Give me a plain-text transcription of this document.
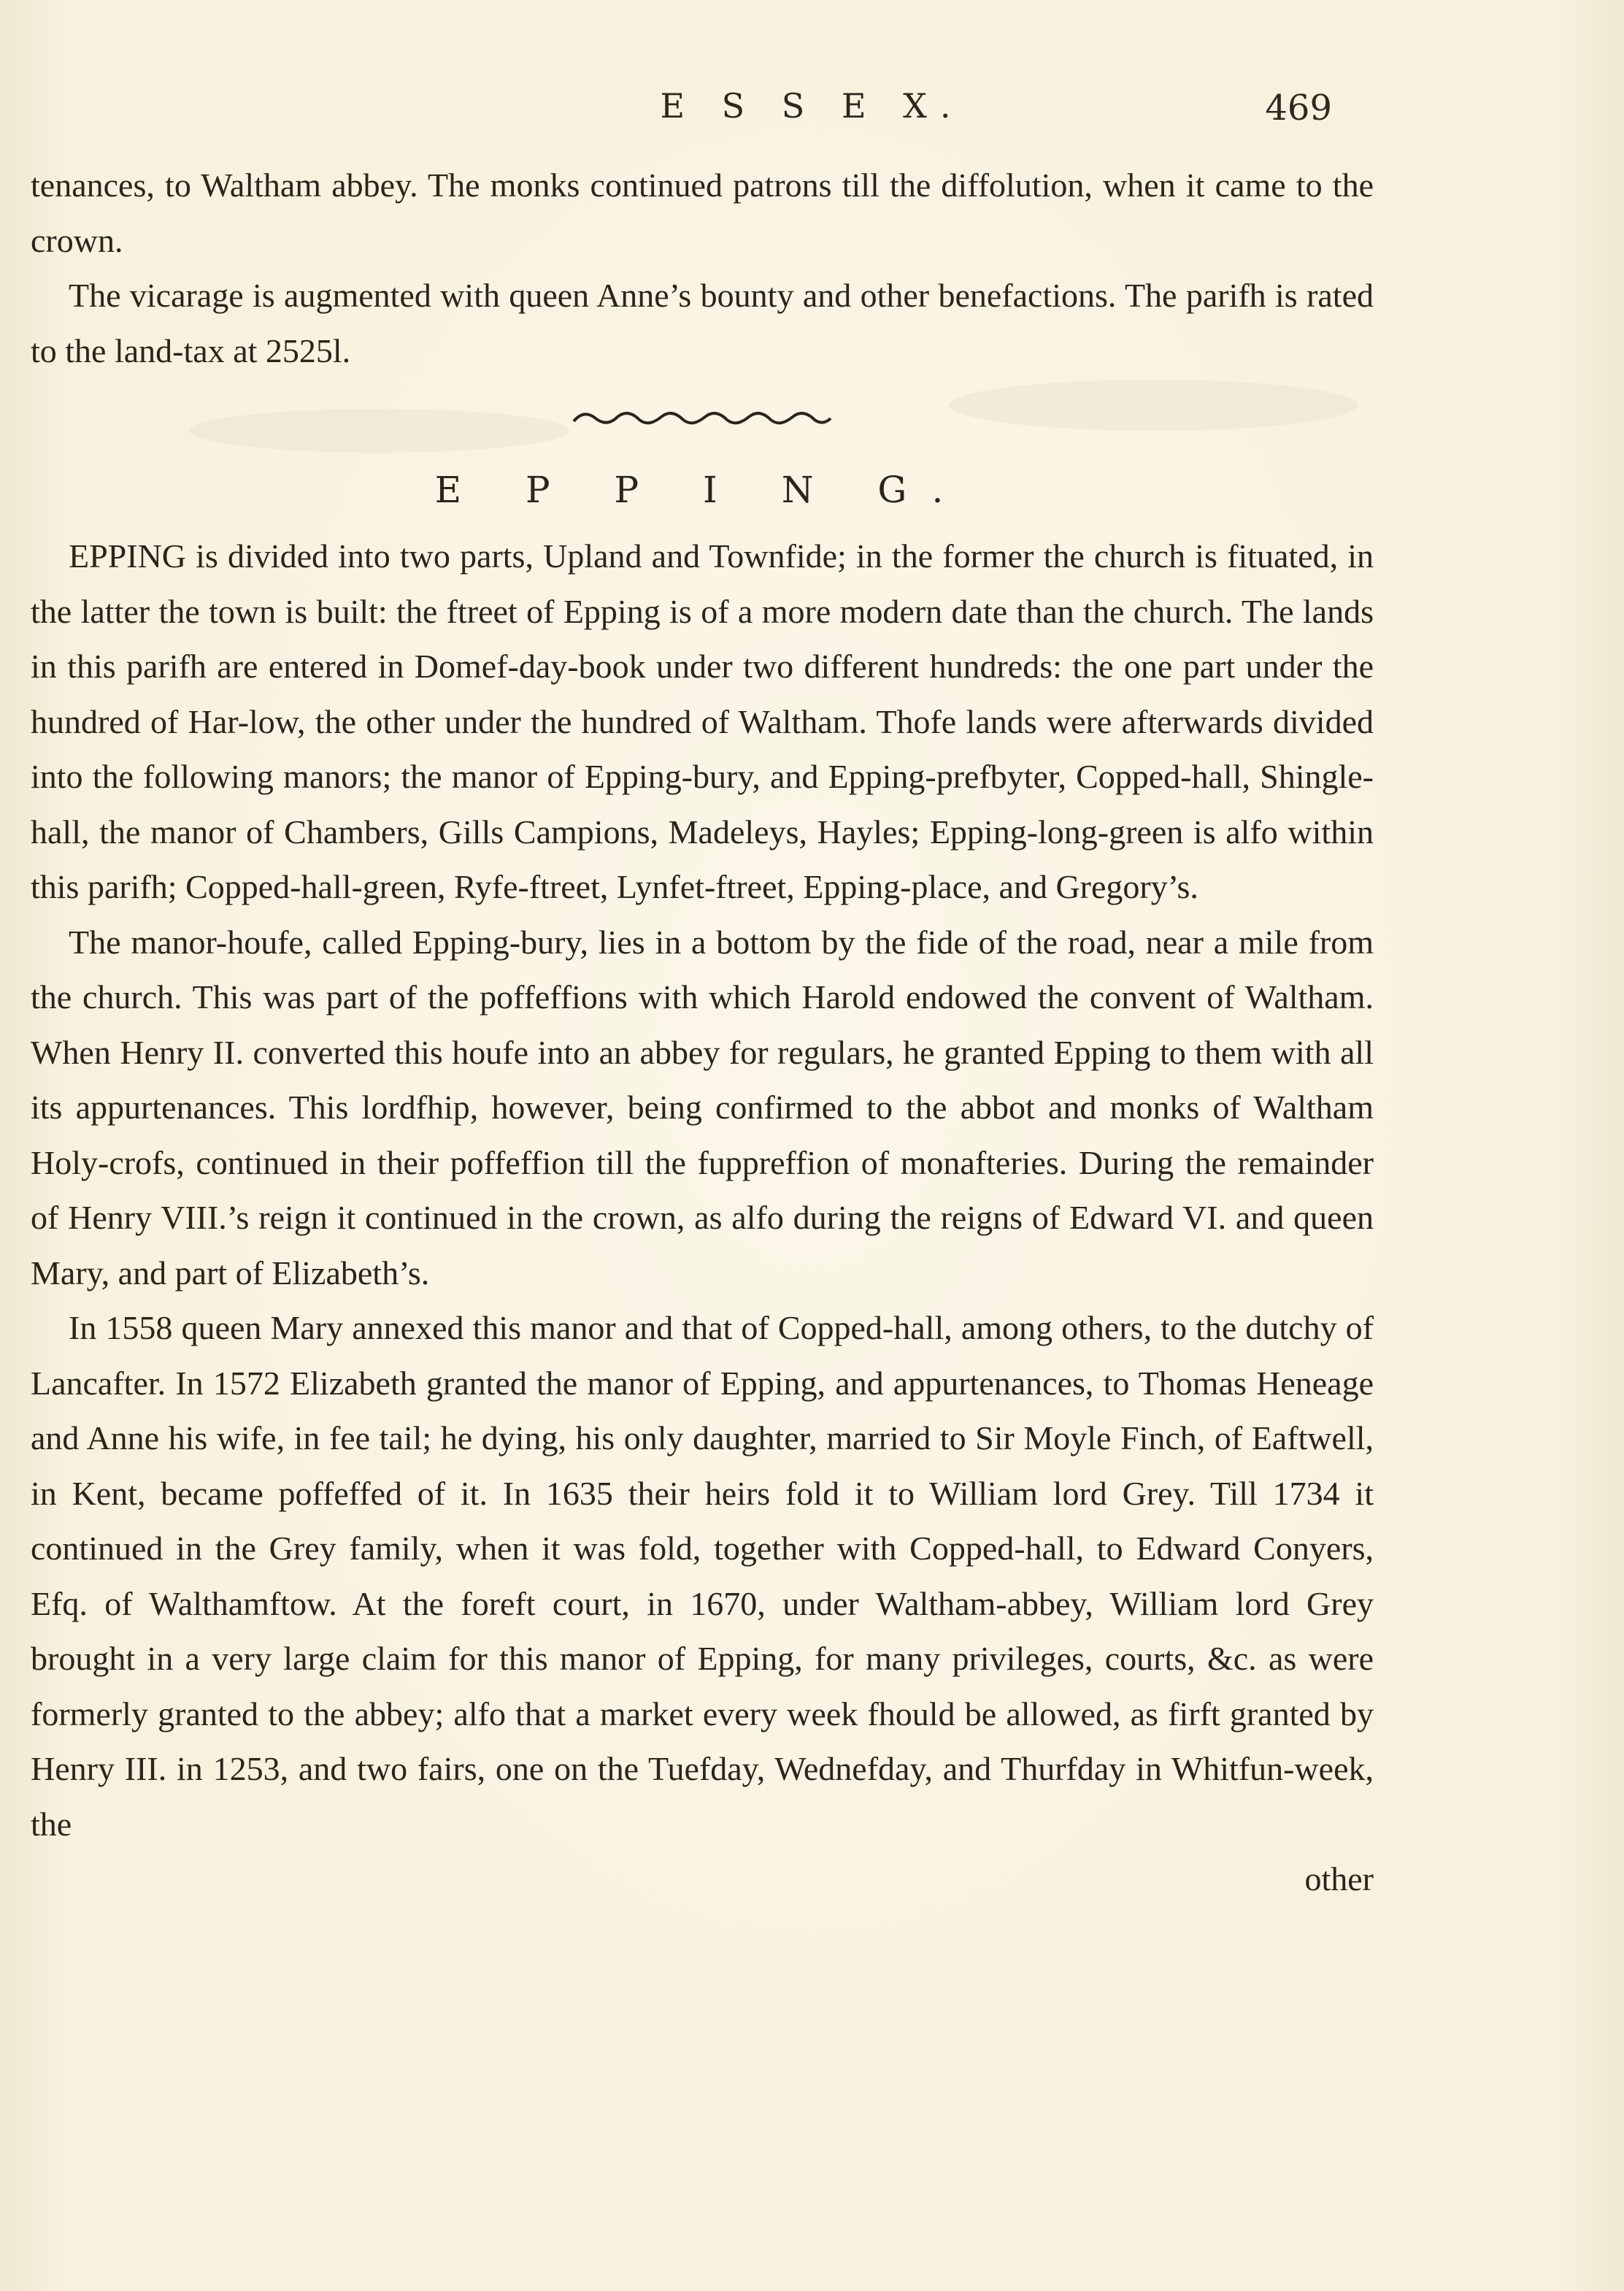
E S S E X.	469

tenances, to Waltham abbey. The monks continued patrons till the diffolution, when it came to the crown.

The vicarage is augmented with queen Anne’s bounty and other benefactions. The parifh is rated to the land-tax at 2525l.

E P P I N G.

EPPING is divided into two parts, Upland and Townfide; in the former the church is fituated, in the latter the town is built: the ftreet of Epping is of a more modern date than the church. The lands in this parifh are entered in Domef-day-book under two different hundreds: the one part under the hundred of Har-low, the other under the hundred of Waltham. Thofe lands were afterwards divided into the following manors; the manor of Epping-bury, and Epping-prefbyter, Copped-hall, Shingle-hall, the manor of Chambers, Gills Campions, Madeleys, Hayles; Epping-long-green is alfo within this parifh; Copped-hall-green, Ryfe-ftreet, Lynfet-ftreet, Epping-place, and Gregory’s.

The manor-houfe, called Epping-bury, lies in a bottom by the fide of the road, near a mile from the church. This was part of the poffeffions with which Harold endowed the convent of Waltham. When Henry II. converted this houfe into an abbey for regulars, he granted Epping to them with all its appurtenances. This lordfhip, however, being confirmed to the abbot and monks of Waltham Holy-crofs, continued in their poffeffion till the fuppreffion of monafteries. During the remainder of Henry VIII.’s reign it continued in the crown, as alfo during the reigns of Edward VI. and queen Mary, and part of Elizabeth’s.

In 1558 queen Mary annexed this manor and that of Copped-hall, among others, to the dutchy of Lancafter. In 1572 Elizabeth granted the manor of Epping, and appurtenances, to Thomas Heneage and Anne his wife, in fee tail; he dying, his only daughter, married to Sir Moyle Finch, of Eaftwell, in Kent, became poffeffed of it. In 1635 their heirs fold it to William lord Grey. Till 1734 it continued in the Grey family, when it was fold, together with Copped-hall, to Edward Conyers, Efq. of Walthamftow. At the foreft court, in 1670, under Waltham-abbey, William lord Grey brought in a very large claim for this manor of Epping, for many privileges, courts, &c. as were formerly granted to the abbey; alfo that a market every week fhould be allowed, as firft granted by Henry III. in 1253, and two fairs, one on the Tuefday, Wednefday, and Thurfday in Whitfun-week, the

other
